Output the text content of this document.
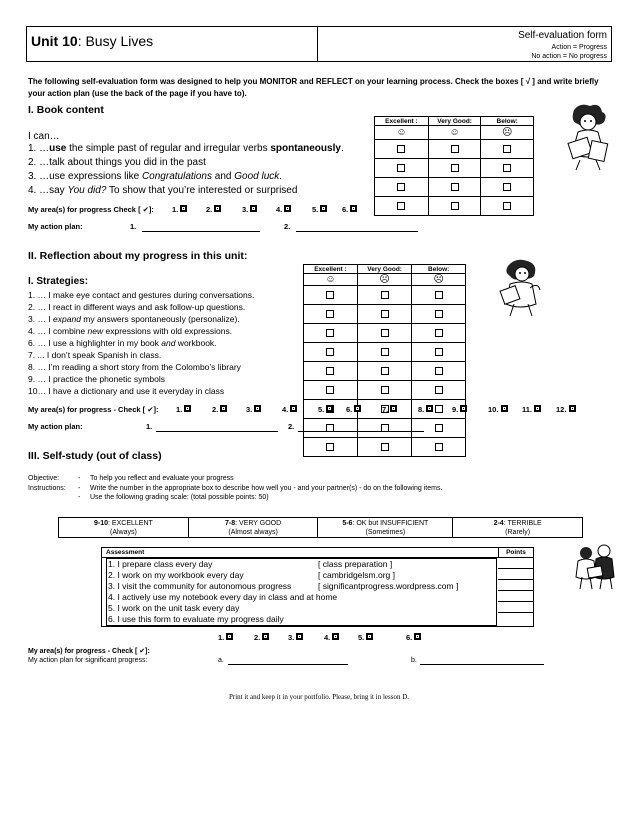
Unit 10: Busy Lives	Self-evaluation form
Action = Progress
No action = No progress
The following self-evaluation form was designed to help you MONITOR and REFLECT on your learning process. Check the boxes [ √ ] and write briefly your action plan (use the back of the page if you have to).
I. Book content
Excellent :	Very Good:	Below:
☺	☺	☹

I can…
1. …use the simple past of regular and irregular verbs spontaneously.
2. …talk about things you did in the past
3. …use expressions like Congratulations and Good luck.
4. …say You did? To show that you’re interested or surprised
My area(s) for progress Check [ ✔]: 1.	2.	3.	4.	5.	6.
My action plan:	1.	2.
II. Reflection about my progress in this unit:
Excellent :	Very Good:	Below:
☺	☹	☹

I. Strategies:
1. … I make eye contact and gestures during conversations.
2. … I react in different ways and ask follow-up questions.
3. … I expand my answers spontaneously (personalize).
4. … I combine new expressions with old expressions.
6. … I use a highlighter in my book and workbook.
7. ... I don’t speak Spanish in class.
8. … I’m reading a short story from the Colombo’s library
9. … I practice the phonetic symbols
10… I have a dictionary and use it everyday in class
My area(s) for progress - Check [ ✔]: 1.	2.	3.	4.	5.	6.	7.	8.	9.	10.	11.	12.
My action plan:	1.	2.
III. Self-study (out of class)
Objective:	- To help you reflect and evaluate your progress
Instructions: - Write the number in the appropriate box to describe how well you - and your partner(s) - do on the following items.
- Use the following grading scale: (total possible points: 50)
9-10: EXCELLENT
(Always)	7-8: VERY GOOD
(Almost always)	5-6: OK but INSUFFICIENT
(Sometimes)	2-4: TERRIBLE
(Rarely)
Assessment	Points
1. I prepare class every day	[ class preparation ]
2. I work on my workbook every day	[ cambridgelsm.org ]
3. I visit the community for autonomous progress	[ significantprogress.wordpress.com ]
4. I actively use my notebook every day in class and at home
5. I work on the unit task every day
6. I use this form to evaluate my progress daily
1.	2.	3.	4.	5.	6.
My area(s) for progress - Check [ ✔]:
My action plan for significant progress:	a.	b.
Print it and keep it in your portfolio. Please, bring it in lesson D.
